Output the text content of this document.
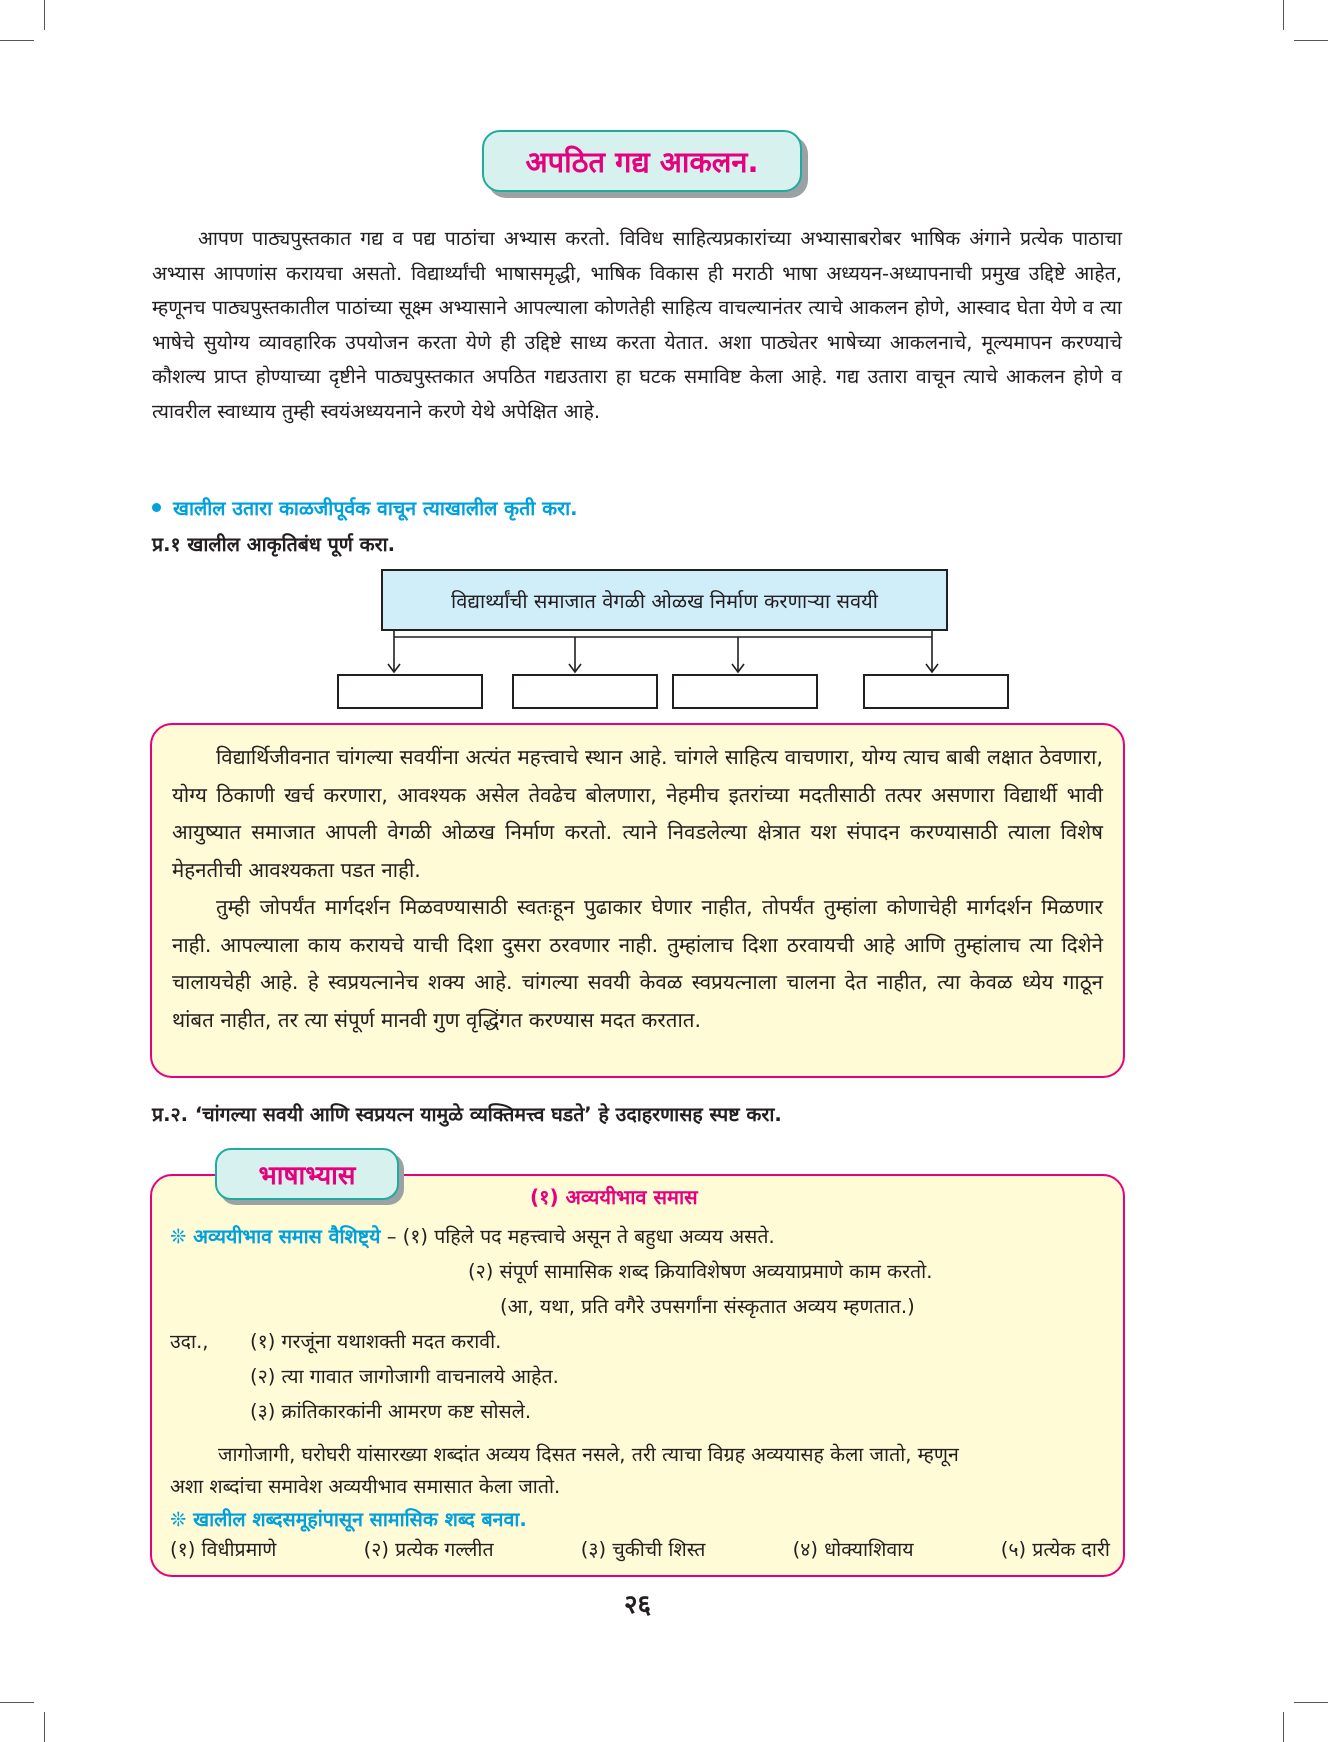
अपठित गद्य आकलन.

आपण पाठ्यपुस्तकात गद्य व पद्य पाठांचा अभ्यास करतो. विविध साहित्यप्रकारांच्या अभ्यासाबरोबर भाषिक अंगाने प्रत्येक पाठाचा अभ्यास आपणांस करायचा असतो. विद्यार्थ्यांची भाषासमृद्धी, भाषिक विकास ही मराठी भाषा अध्ययन-अध्यापनाची प्रमुख उद्दिष्टे आहेत, म्हणूनच पाठ्यपुस्तकातील पाठांच्या सूक्ष्म अभ्यासाने आपल्याला कोणतेही साहित्य वाचल्यानंतर त्याचे आकलन होणे, आस्वाद घेता येणे व त्या भाषेचे सुयोग्य व्यावहारिक उपयोजन करता येणे ही उद्दिष्टे साध्य करता येतात. अशा पाठ्येतर भाषेच्या आकलनाचे, मूल्यमापन करण्याचे कौशल्य प्राप्त होण्याच्या दृष्टीने पाठ्यपुस्तकात अपठित गद्यउतारा हा घटक समाविष्ट केला आहे. गद्य उतारा वाचून त्याचे आकलन होणे व त्यावरील स्वाध्याय तुम्ही स्वयंअध्ययनाने करणे येथे अपेक्षित आहे.

खालील उतारा काळजीपूर्वक वाचून त्याखालील कृती करा.
प्र.१ खालील आकृतिबंध पूर्ण करा.
विद्यार्थ्यांची समाजात वेगळी ओळख निर्माण करणाऱ्या सवयी

विद्यार्थिजीवनात चांगल्या सवयींना अत्यंत महत्त्वाचे स्थान आहे. चांगले साहित्य वाचणारा, योग्य त्याच बाबी लक्षात ठेवणारा, योग्य ठिकाणी खर्च करणारा, आवश्यक असेल तेवढेच बोलणारा, नेहमीच इतरांच्या मदतीसाठी तत्पर असणारा विद्यार्थी भावी आयुष्यात समाजात आपली वेगळी ओळख निर्माण करतो. त्याने निवडलेल्या क्षेत्रात यश संपादन करण्यासाठी त्याला विशेष मेहनतीची आवश्यकता पडत नाही.

तुम्ही जोपर्यंत मार्गदर्शन मिळवण्यासाठी स्वतःहून पुढाकार घेणार नाहीत, तोपर्यंत तुम्हांला कोणाचेही मार्गदर्शन मिळणार नाही. आपल्याला काय करायचे याची दिशा दुसरा ठरवणार नाही. तुम्हांलाच दिशा ठरवायची आहे आणि तुम्हांलाच त्या दिशेने चालायचेही आहे. हे स्वप्रयत्नानेच शक्य आहे. चांगल्या सवयी केवळ स्वप्रयत्नाला चालना देत नाहीत, त्या केवळ ध्येय गाठून थांबत नाहीत, तर त्या संपूर्ण मानवी गुण वृद्धिंगत करण्यास मदत करतात.

प्र.२. ‘चांगल्या सवयी आणि स्वप्रयत्न यामुळे व्यक्तिमत्त्व घडते’ हे उदाहरणासह स्पष्ट करा.
भाषाभ्यास
(१) अव्ययीभाव समास
❊ अव्ययीभाव समास वैशिष्ट्ये – (१) पहिले पद महत्त्वाचे असून ते बहुधा अव्यय असते.
(२) संपूर्ण सामासिक शब्द क्रियाविशेषण अव्ययाप्रमाणे काम करतो.
(आ, यथा, प्रति वगैरे उपसर्गांना संस्कृतात अव्यय म्हणतात.)
उदा., (१) गरजूंना यथाशक्ती मदत करावी.
(२) त्या गावात जागोजागी वाचनालये आहेत.
(३) क्रांतिकारकांनी आमरण कष्ट सोसले.
जागोजागी, घरोघरी यांसारख्या शब्दांत अव्यय दिसत नसले, तरी त्याचा विग्रह अव्ययासह केला जातो, म्हणून
अशा शब्दांचा समावेश अव्ययीभाव समासात केला जातो.
❊ खालील शब्दसमूहांपासून सामासिक शब्द बनवा.
(१) विधीप्रमाणे	(२) प्रत्येक गल्लीत	(३) चुकीची शिस्त	(४) धोक्याशिवाय	(५) प्रत्येक दारी
२६
